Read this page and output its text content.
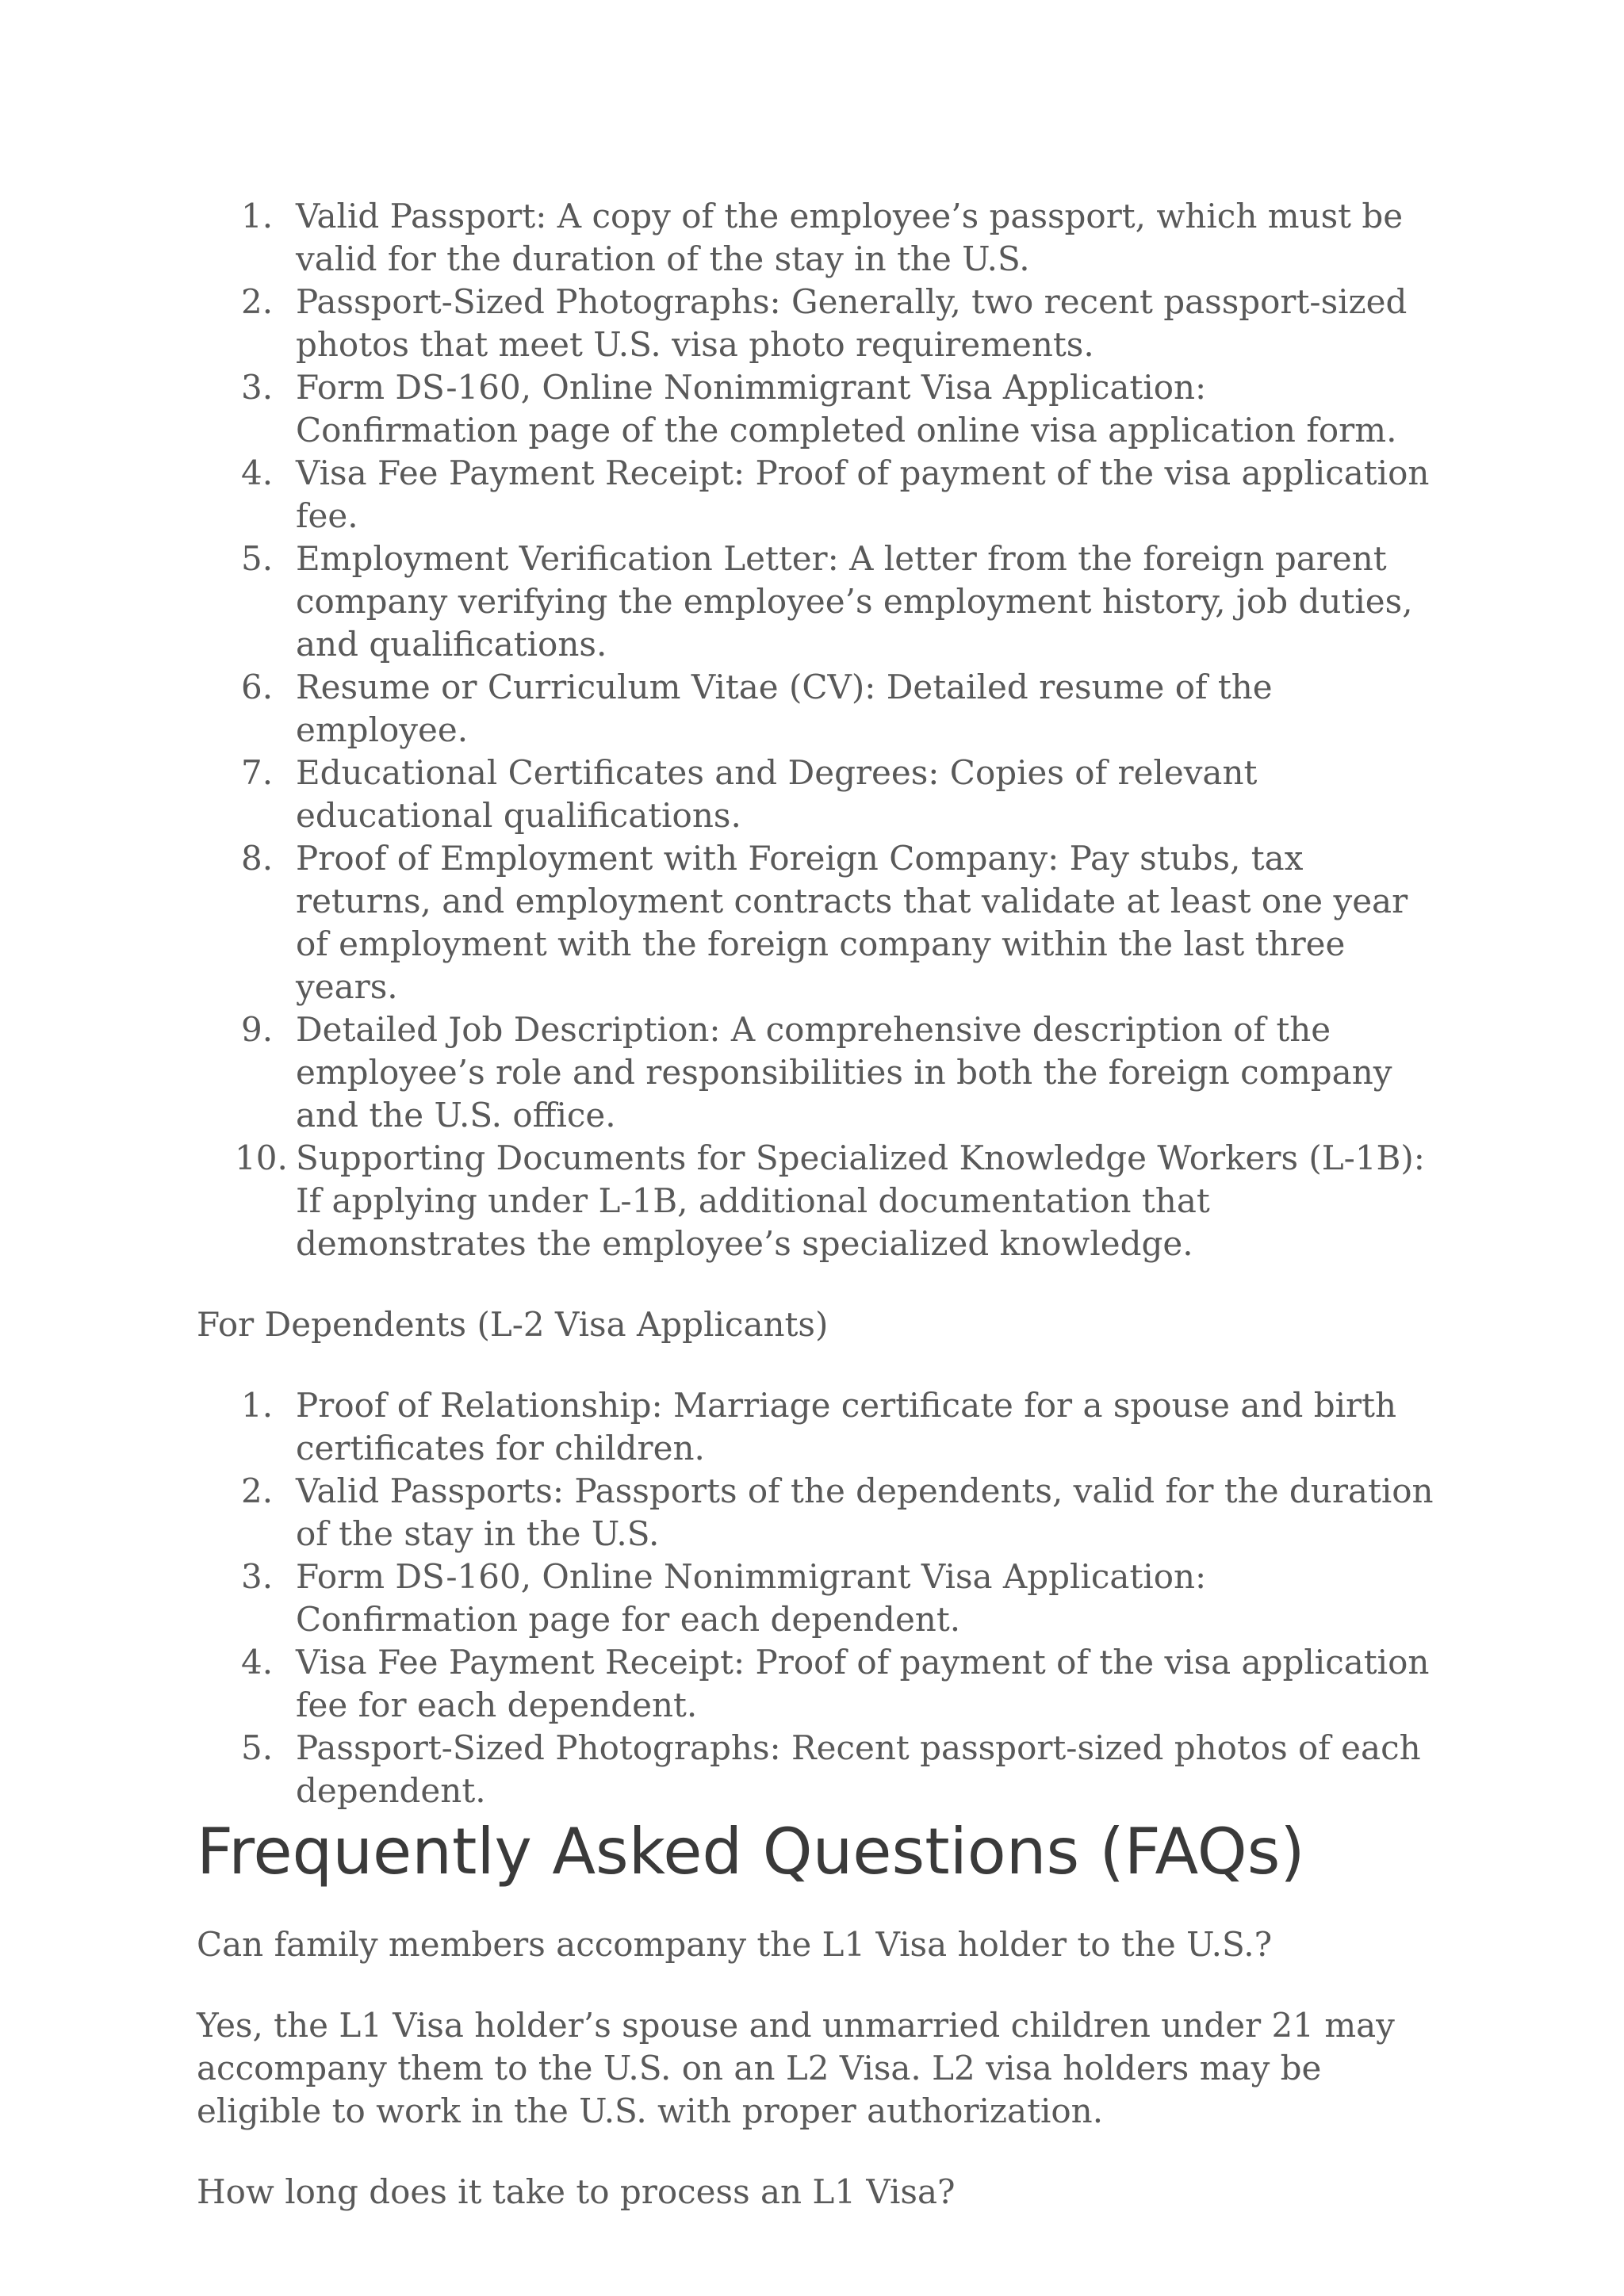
1. Valid Passport: A copy of the employee’s passport, which must be valid for the duration of the stay in the U.S.
2. Passport-Sized Photographs: Generally, two recent passport-sized photos that meet U.S. visa photo requirements.
3. Form DS-160, Online Nonimmigrant Visa Application: Confirmation page of the completed online visa application form.
4. Visa Fee Payment Receipt: Proof of payment of the visa application fee.
5. Employment Verification Letter: A letter from the foreign parent company verifying the employee’s employment history, job duties, and qualifications.
6. Resume or Curriculum Vitae (CV): Detailed resume of the employee.
7. Educational Certificates and Degrees: Copies of relevant educational qualifications.
8. Proof of Employment with Foreign Company: Pay stubs, tax returns, and employment contracts that validate at least one year of employment with the foreign company within the last three years.
9. Detailed Job Description: A comprehensive description of the employee’s role and responsibilities in both the foreign company and the U.S. office.
10. Supporting Documents for Specialized Knowledge Workers (L-1B): If applying under L-1B, additional documentation that demonstrates the employee’s specialized knowledge.

For Dependents (L-2 Visa Applicants)

1. Proof of Relationship: Marriage certificate for a spouse and birth certificates for children.
2. Valid Passports: Passports of the dependents, valid for the duration of the stay in the U.S.
3. Form DS-160, Online Nonimmigrant Visa Application: Confirmation page for each dependent.
4. Visa Fee Payment Receipt: Proof of payment of the visa application fee for each dependent.
5. Passport-Sized Photographs: Recent passport-sized photos of each dependent.
Frequently Asked Questions (FAQs)

Can family members accompany the L1 Visa holder to the U.S.?

Yes, the L1 Visa holder’s spouse and unmarried children under 21 may accompany them to the U.S. on an L2 Visa. L2 visa holders may be eligible to work in the U.S. with proper authorization.

How long does it take to process an L1 Visa?
